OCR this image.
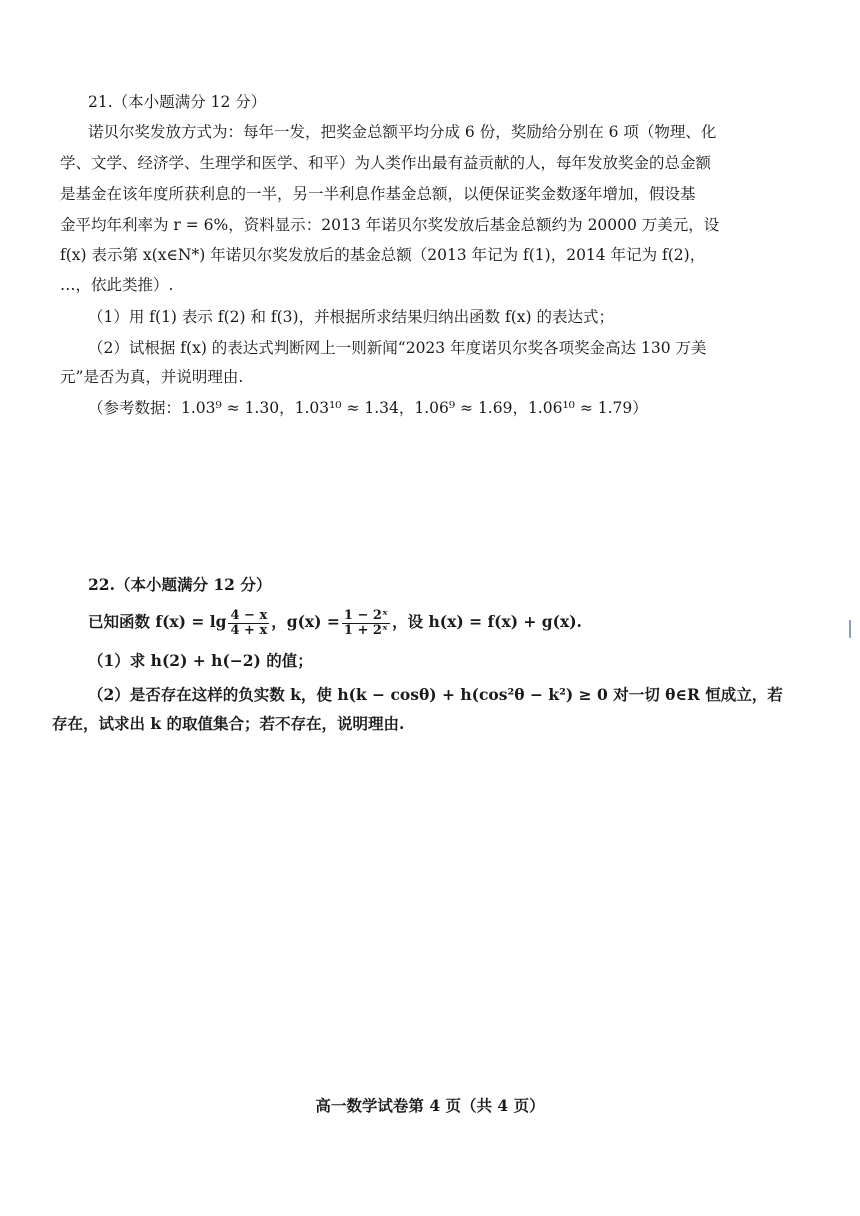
21.（本小题满分 12 分）
诺贝尔奖发放方式为：每年一发，把奖金总额平均分成 6 份，奖励给分别在 6 项（物理、化
学、文学、经济学、生理学和医学、和平）为人类作出最有益贡献的人，每年发放奖金的总金额
是基金在该年度所获利息的一半，另一半利息作基金总额，以便保证奖金数逐年增加，假设基
金平均年利率为 r = 6%，资料显示：2013 年诺贝尔奖发放后基金总额约为 20000 万美元，设
f(x) 表示第 x(x∈N*) 年诺贝尔奖发放后的基金总额（2013 年记为 f(1)，2014 年记为 f(2)，
…，依此类推）.
（1）用 f(1) 表示 f(2) 和 f(3)，并根据所求结果归纳出函数 f(x) 的表达式；
（2）试根据 f(x) 的表达式判断网上一则新闻“2023 年度诺贝尔奖各项奖金高达 130 万美
元”是否为真，并说明理由.
（参考数据：1.03⁹ ≈ 1.30，1.03¹⁰ ≈ 1.34，1.06⁹ ≈ 1.69，1.06¹⁰ ≈ 1.79）
22.（本小题满分 12 分）
已知函数 $f(x) = \lg \frac{4 - x}{4 + x}$ ，$g(x) = \frac{\text{1 − 2ˣ}}{\text{1 + 2ˣ}}$ ，设 h(x) = f(x) + g(x).
（1）求 h(2) + h(−2) 的值；
（2）是否存在这样的负实数 k，使 h(k − cosθ) + h(cos²θ − k²) ≥ 0 对一切 θ∈R 恒成立，若
存在，试求出 k 的取值集合；若不存在，说明理由.
高一数学试卷第 4 页（共 4 页）
